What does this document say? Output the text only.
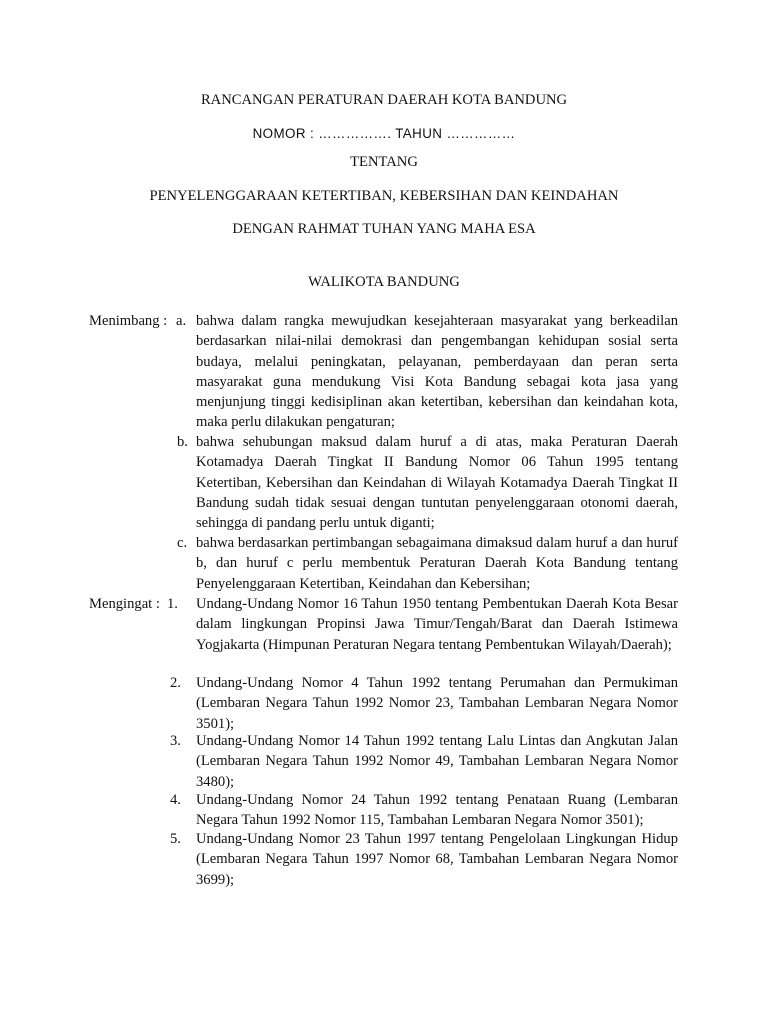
RANCANGAN PERATURAN DAERAH KOTA BANDUNG
NOMOR : ……………. TAHUN ……………
TENTANG
PENYELENGGARAAN KETERTIBAN, KEBERSIHAN DAN KEINDAHAN
DENGAN RAHMAT TUHAN YANG MAHA ESA
WALIKOTA BANDUNG
Menimbang : a. bahwa dalam rangka mewujudkan kesejahteraan masyarakat yang berkeadilan berdasarkan nilai-nilai demokrasi dan pengembangan kehidupan sosial serta budaya, melalui peningkatan, pelayanan, pemberdayaan dan peran serta masyarakat guna mendukung Visi Kota Bandung sebagai kota jasa yang menjunjung tinggi kedisiplinan akan ketertiban, kebersihan dan keindahan kota, maka perlu dilakukan pengaturan;
b. bahwa sehubungan maksud dalam huruf a di atas, maka Peraturan Daerah Kotamadya Daerah Tingkat II Bandung Nomor 06 Tahun 1995 tentang Ketertiban, Kebersihan dan Keindahan di Wilayah Kotamadya Daerah Tingkat II Bandung sudah tidak sesuai dengan tuntutan penyelenggaraan otonomi daerah, sehingga di pandang perlu untuk diganti;
c. bahwa berdasarkan pertimbangan sebagaimana dimaksud dalam huruf a dan huruf b, dan huruf c perlu membentuk Peraturan Daerah Kota Bandung tentang Penyelenggaraan Ketertiban, Keindahan dan Kebersihan;
Mengingat : 1. Undang-Undang Nomor 16 Tahun 1950 tentang Pembentukan Daerah Kota Besar dalam lingkungan Propinsi Jawa Timur/Tengah/Barat dan Daerah Istimewa Yogjakarta (Himpunan Peraturan Negara tentang Pembentukan Wilayah/Daerah);
2. Undang-Undang Nomor 4 Tahun 1992 tentang Perumahan dan Permukiman (Lembaran Negara Tahun 1992 Nomor 23, Tambahan Lembaran Negara Nomor 3501);
3. Undang-Undang Nomor 14 Tahun 1992 tentang Lalu Lintas dan Angkutan Jalan (Lembaran Negara Tahun 1992 Nomor 49, Tambahan Lembaran Negara Nomor 3480);
4. Undang-Undang Nomor 24 Tahun 1992 tentang Penataan Ruang (Lembaran Negara Tahun 1992 Nomor 115, Tambahan Lembaran Negara Nomor 3501);
5. Undang-Undang Nomor 23 Tahun 1997 tentang Pengelolaan Lingkungan Hidup (Lembaran Negara Tahun 1997 Nomor 68, Tambahan Lembaran Negara Nomor 3699);
